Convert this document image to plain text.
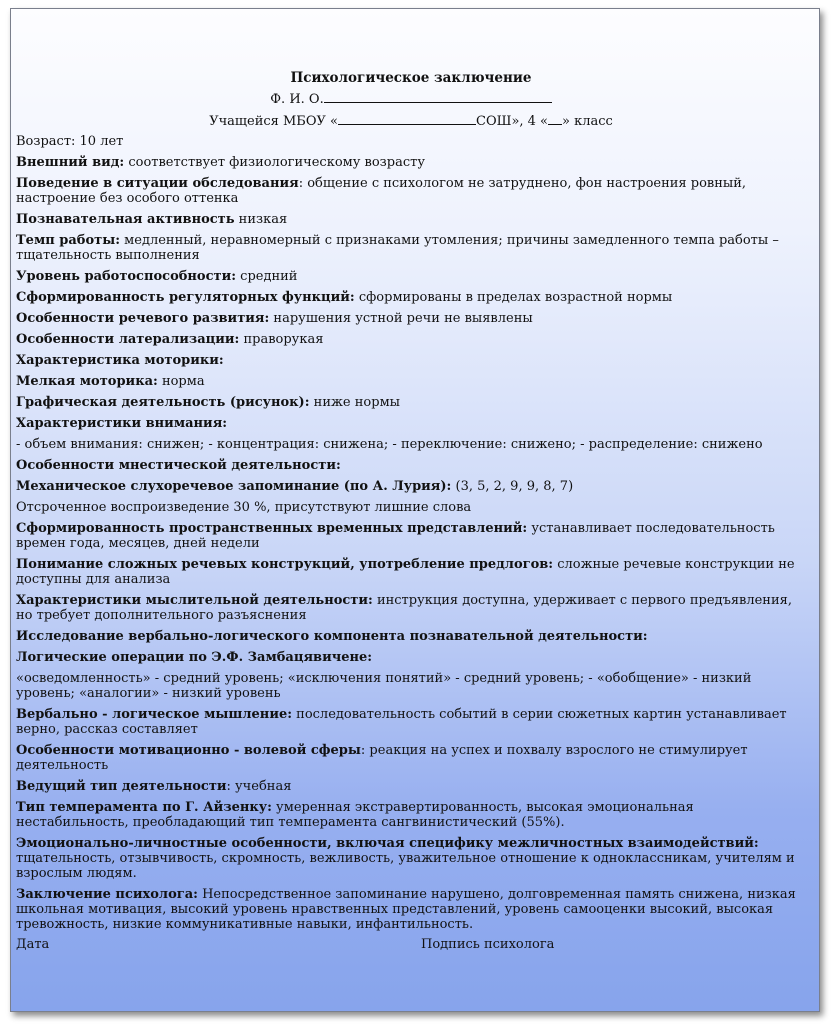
Психологическое заключение
Ф. И. О.
Учащейся МБОУ «	СОШ», 4 « » класс
Возраст: 10 лет
Внешний вид: соответствует физиологическому возрасту
Поведение в ситуации обследования: общение с психологом не затруднено, фон настроения ровный, настроение без особого оттенка
Познавательная активность низкая
Темп работы: медленный, неравномерный с признаками утомления; причины замедленного темпа работы – тщательность выполнения
Уровень работоспособности: средний
Сформированность регуляторных функций: сформированы в пределах возрастной нормы
Особенности речевого развития: нарушения устной речи не выявлены
Особенности латерализации: праворукая
Характеристика моторики:
Мелкая моторика: норма
Графическая деятельность (рисунок): ниже нормы
Характеристики внимания:
- объем внимания: снижен; - концентрация: снижена; - переключение: снижено; - распределение: снижено
Особенности мнестической деятельности:
Механическое слухоречевое запоминание (по А. Лурия): (3, 5, 2, 9, 9, 8, 7)
Отсроченное воспроизведение 30 %, присутствуют лишние слова
Сформированность пространственных временных представлений: устанавливает последовательность времен года, месяцев, дней недели
Понимание сложных речевых конструкций, употребление предлогов: сложные речевые конструкции не доступны для анализа
Характеристики мыслительной деятельности: инструкция доступна, удерживает с первого предъявления, но требует дополнительного разъяснения
Исследование вербально-логического компонента познавательной деятельности:
Логические операции по Э.Ф. Замбацявичене:
«осведомленность» - средний уровень; «исключения понятий» - средний уровень; - «обобщение» - низкий уровень; «аналогии» - низкий уровень
Вербально - логическое мышление: последовательность событий в серии сюжетных картин устанавливает верно, рассказ составляет
Особенности мотивационно - волевой сферы: реакция на успех и похвалу взрослого не стимулирует деятельность
Ведущий тип деятельности: учебная
Тип темперамента по Г. Айзенку: умеренная экстравертированность, высокая эмоциональная нестабильность, преобладающий тип темперамента сангвинистический (55%).
Эмоционально-личностные особенности, включая специфику межличностных взаимодействий: тщательность, отзывчивость, скромность, вежливость, уважительное отношение к одноклассникам, учителям и взрослым людям.
Заключение психолога: Непосредственное запоминание нарушено, долговременная память снижена, низкая школьная мотивация, высокий уровень нравственных представлений, уровень самооценки высокий, высокая тревожность, низкие коммуникативные навыки, инфантильность.
Дата	Подпись психолога
